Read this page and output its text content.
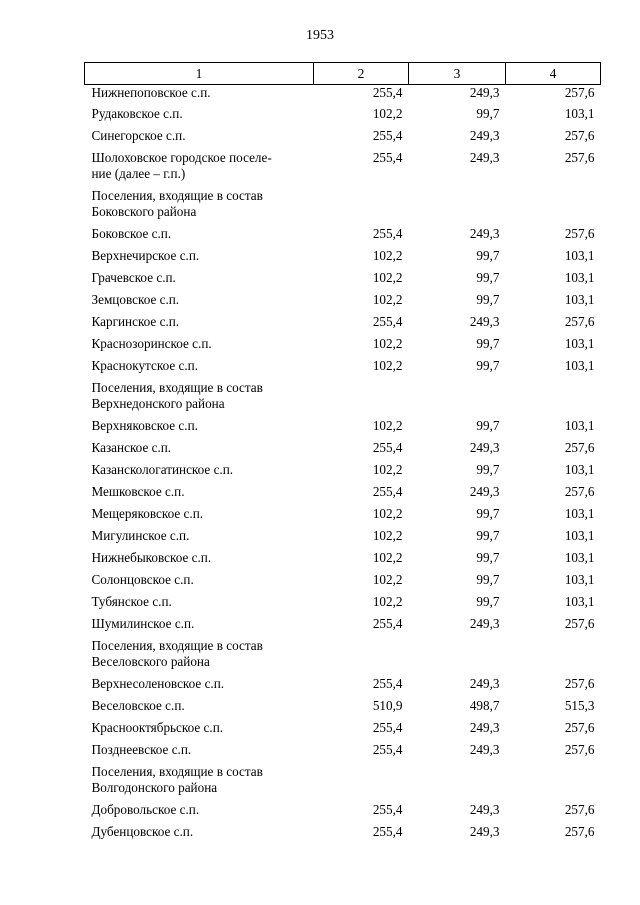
1953
1	2	3	4
Нижнепоповское с.п.	255,4	249,3	257,6
Рудаковское с.п.	102,2	99,7	103,1
Синегорское с.п.	255,4	249,3	257,6
Шолоховское городское поселе-
ние (далее – г.п.)	255,4	249,3	257,6
Поселения, входящие в состав
Боковского района			
Боковское с.п.	255,4	249,3	257,6
Верхнечирское с.п.	102,2	99,7	103,1
Грачевское с.п.	102,2	99,7	103,1
Земцовское с.п.	102,2	99,7	103,1
Каргинское с.п.	255,4	249,3	257,6
Краснозоринское с.п.	102,2	99,7	103,1
Краснокутское с.п.	102,2	99,7	103,1
Поселения, входящие в состав
Верхнедонского района			
Верхняковское с.п.	102,2	99,7	103,1
Казанское с.п.	255,4	249,3	257,6
Казанскологатинское с.п.	102,2	99,7	103,1
Мешковское с.п.	255,4	249,3	257,6
Мещеряковское с.п.	102,2	99,7	103,1
Мигулинское с.п.	102,2	99,7	103,1
Нижнебыковское с.п.	102,2	99,7	103,1
Солонцовское с.п.	102,2	99,7	103,1
Тубянское с.п.	102,2	99,7	103,1
Шумилинское с.п.	255,4	249,3	257,6
Поселения, входящие в состав
Веселовского района			
Верхнесоленовское с.п.	255,4	249,3	257,6
Веселовское с.п.	510,9	498,7	515,3
Краснооктябрьское с.п.	255,4	249,3	257,6
Позднеевское с.п.	255,4	249,3	257,6
Поселения, входящие в состав
Волгодонского района			
Добровольское с.п.	255,4	249,3	257,6
Дубенцовское с.п.	255,4	249,3	257,6
